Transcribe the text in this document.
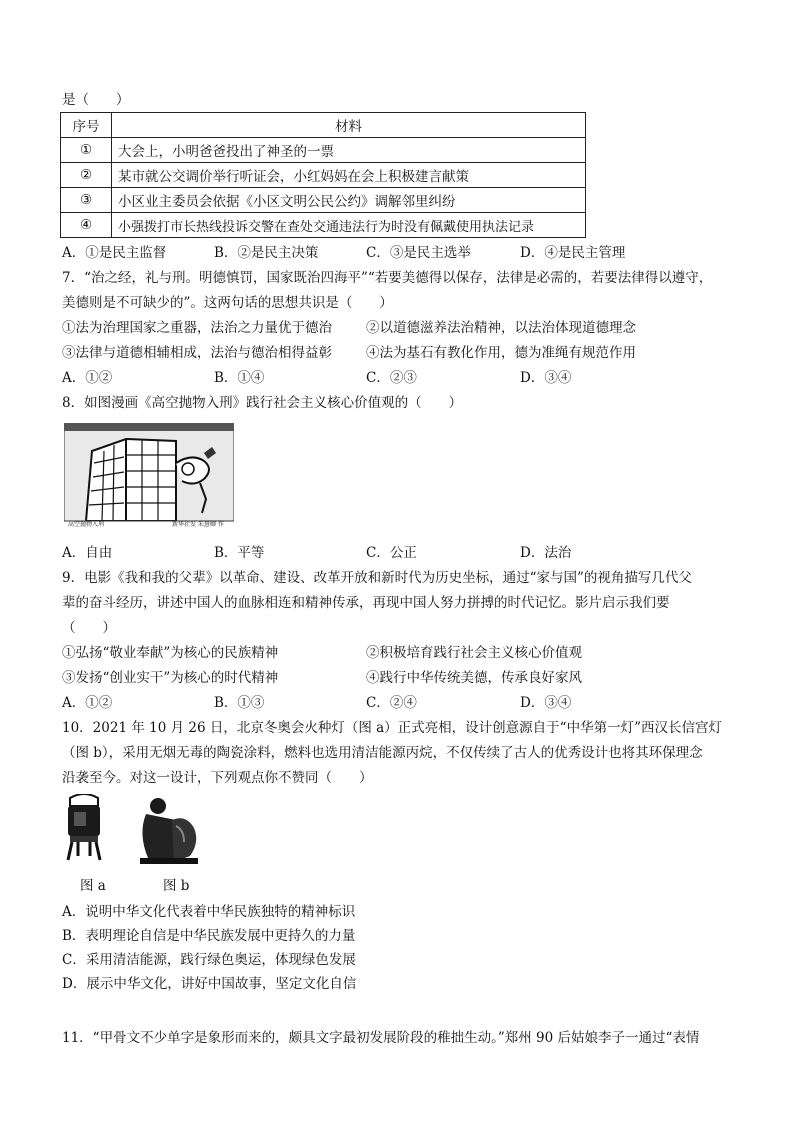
是（　　）
序号	材料
①	大会上，小明爸爸投出了神圣的一票
②	某市就公交调价举行听证会，小红妈妈在会上积极建言献策
③	小区业主委员会依据《小区文明公民公约》调解邻里纠纷
④	小强拨打市长热线投诉交警在查处交通违法行为时没有佩戴使用执法记录
A．①是民主监督	B．②是民主决策	C．③是民主选举	D．④是民主管理
7．“治之经，礼与刑。明德慎罚，国家既治四海平”“若要美德得以保存，法律是必需的，若要法律得以遵守，
美德则是不可缺少的”。这两句话的思想共识是（　　）
①法为治理国家之重器，法治之力量优于德治	②以道德滋养法治精神，以法治体现道德理念
③法律与道德相辅相成，法治与德治相得益彰	④法为基石有教化作用，德为准绳有规范作用
A．①②	B．①④	C．②③	D．③④
8．如图漫画《高空抛物入刑》践行社会主义核心价值观的（　　）
高空抛物入刑	新华社发 朱慧卿 作
A．自由	B．平等	C．公正	D．法治
9．电影《我和我的父辈》以革命、建设、改革开放和新时代为历史坐标，通过“家与国”的视角描写几代父
辈的奋斗经历，讲述中国人的血脉相连和精神传承，再现中国人努力拼搏的时代记忆。影片启示我们要
（　　）
①弘扬“敬业奉献”为核心的民族精神	②积极培育践行社会主义核心价值观
③发扬“创业实干”为核心的时代精神	④践行中华传统美德，传承良好家风
A．①②	B．①③	C．②④	D．③④
10．2021 年 10 月 26 日，北京冬奥会火种灯（图 a）正式亮相，设计创意源自于“中华第一灯”西汉长信宫灯
（图 b），采用无烟无毒的陶瓷涂料，燃料也选用清洁能源丙烷，不仅传续了古人的优秀设计也将其环保理念
沿袭至今。对这一设计，下列观点你不赞同（　　）
图 a	图 b
A．说明中华文化代表着中华民族独特的精神标识
B．表明理论自信是中华民族发展中更持久的力量
C．采用清洁能源，践行绿色奥运，体现绿色发展
D．展示中华文化，讲好中国故事，坚定文化自信
11．“甲骨文不少单字是象形而来的，颇具文字最初发展阶段的稚拙生动。”郑州 90 后姑娘李子一通过“表情
